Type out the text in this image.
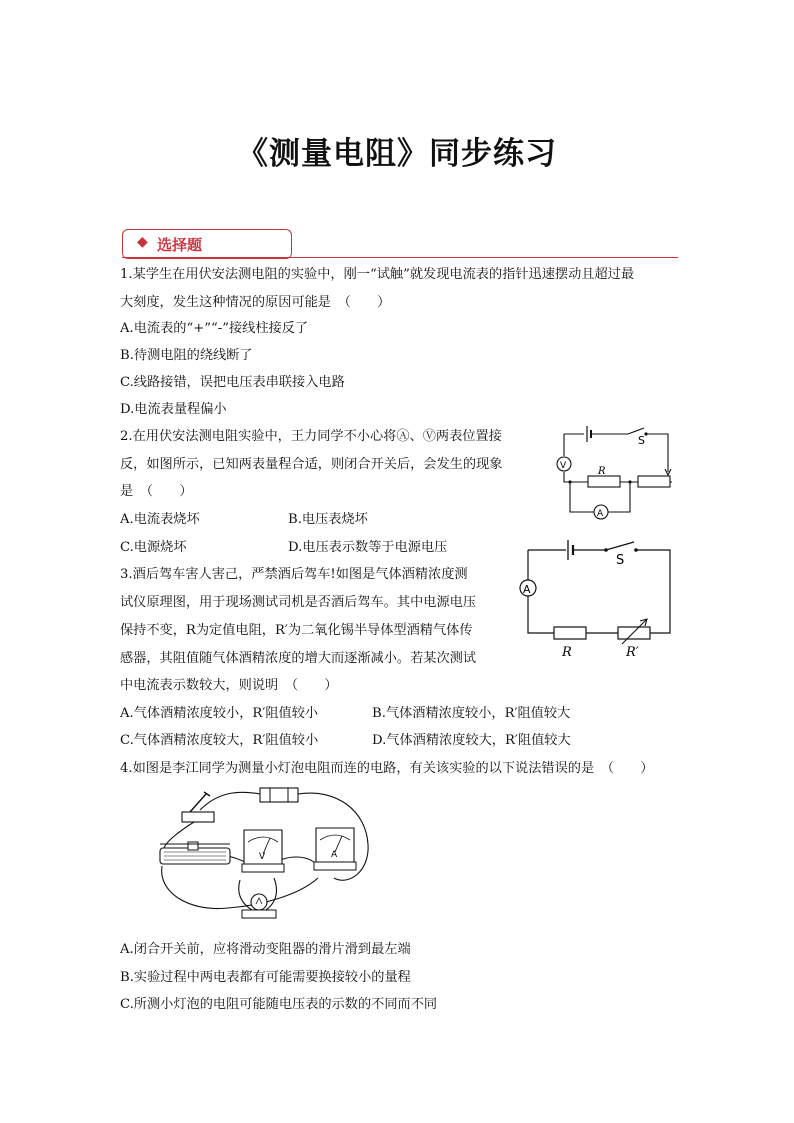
《测量电阻》同步练习
◆ 选择题
1.某学生在用伏安法测电阻的实验中，刚一“试触”就发现电流表的指针迅速摆动且超过最
大刻度，发生这种情况的原因可能是　（　　）
A.电流表的“+”“-”接线柱接反了
B.待测电阻的绕线断了
C.线路接错，误把电压表串联接入电路
D.电流表量程偏小
2.在用伏安法测电阻实验中，王力同学不小心将Ⓐ、Ⓥ两表位置接
反，如图所示，已知两表量程合适，则闭合开关后，会发生的现象
是　（　　）
A.电流表烧坏	B.电压表烧坏
C.电源烧坏	D.电压表示数等于电源电压
S
R
V
A
3.酒后驾车害人害己，严禁酒后驾车!如图是气体酒精浓度测
试仪原理图，用于现场测试司机是否酒后驾车。其中电源电压
保持不变，R为定值电阻，R′为二氧化锡半导体型酒精气体传
感器，其阻值随气体酒精浓度的增大而逐渐减小。若某次测试
中电流表示数较大，则说明　（　　）
A.气体酒精浓度较小，R′阻值较小	B.气体酒精浓度较小，R′阻值较大
C.气体酒精浓度较大，R′阻值较小	D.气体酒精浓度较大，R′阻值较大
S
A
R	R′
4.如图是李江同学为测量小灯泡电阻而连的电路，有关该实验的以下说法错误的是　（　　）
V	A
A.闭合开关前，应将滑动变阻器的滑片滑到最左端
B.实验过程中两电表都有可能需要换接较小的量程
C.所测小灯泡的电阻可能随电压表的示数的不同而不同
